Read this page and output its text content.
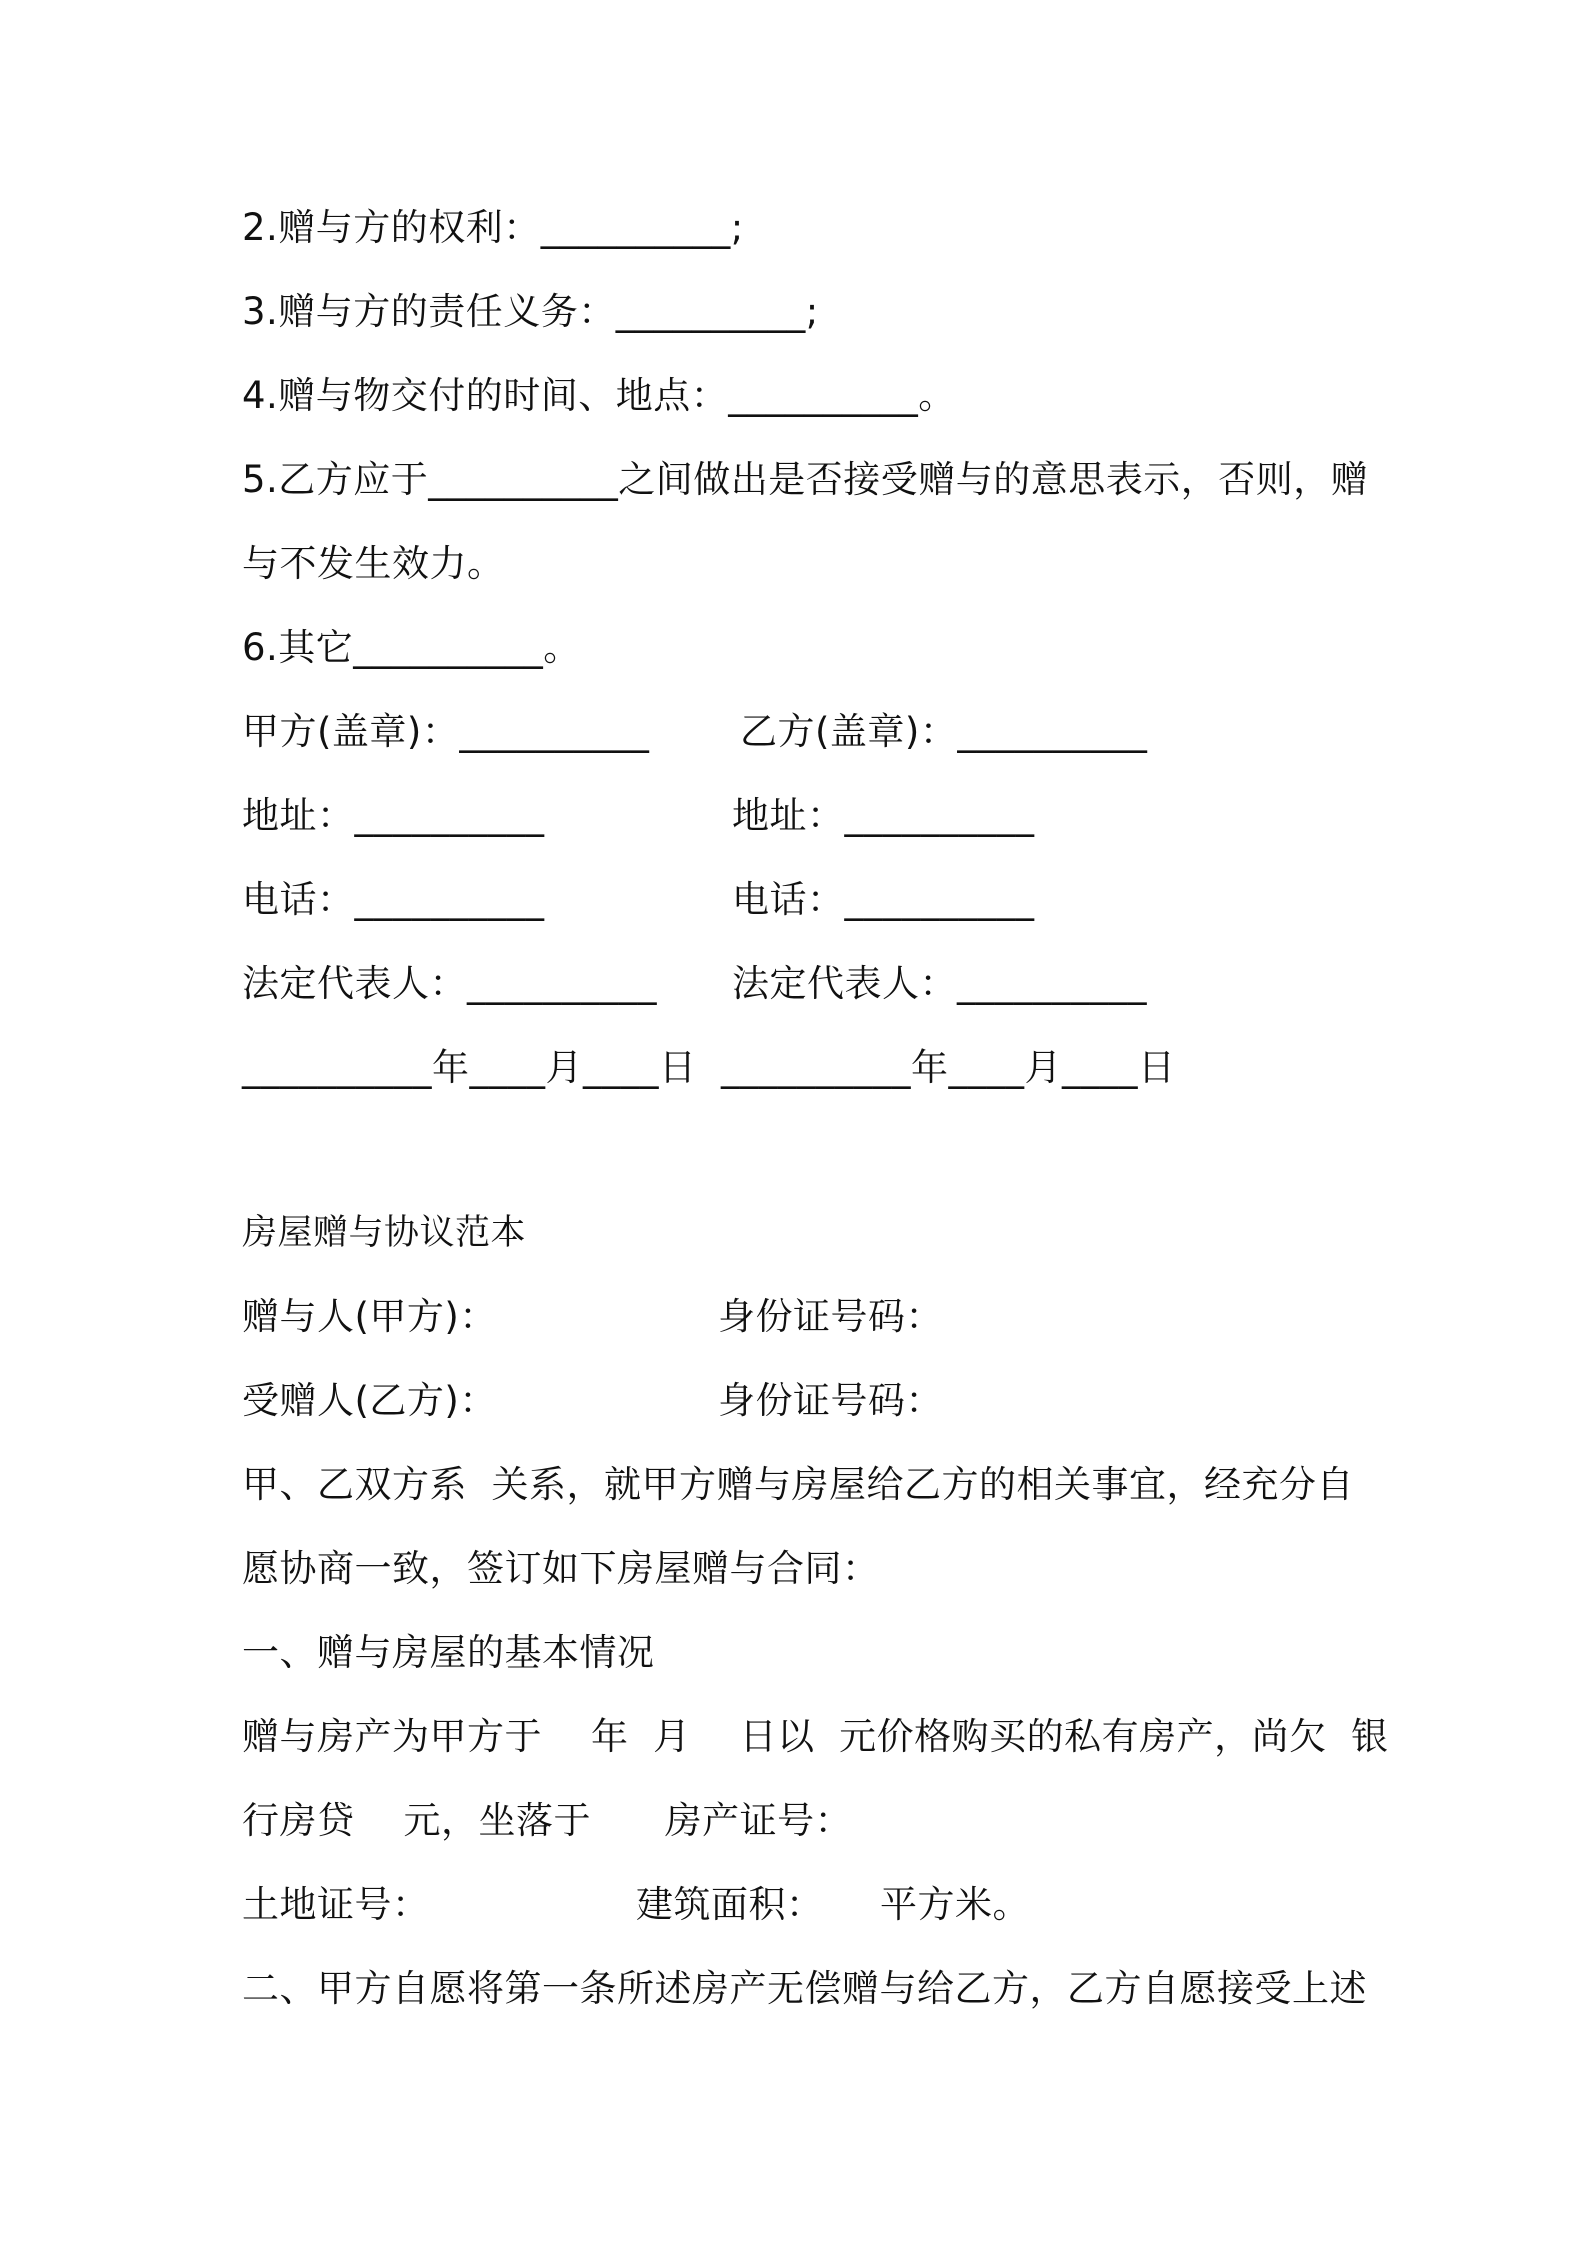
2.赠与方的权利：__________;
3.赠与方的责任义务：__________;
4.赠与物交付的时间、地点：__________。
5.乙方应于__________之间做出是否接受赠与的意思表示，否则，赠
与不发生效力。
6.其它__________。
甲方(盖章)：__________ 乙方(盖章)：__________
地址：__________	地址：__________
电话：__________	电话：__________
法定代表人：__________ 法定代表人：__________
__________年____月____日  __________年____月____日
房屋赠与协议范本
赠与人(甲方)：	身份证号码：
受赠人(乙方)：	身份证号码：
甲、乙双方系  关系，就甲方赠与房屋给乙方的相关事宜，经充分自
愿协商一致，签订如下房屋赠与合同：
一、赠与房屋的基本情况
赠与房产为甲方于    年  月    日以  元价格购买的私有房产，尚欠  银
行房贷    元，坐落于      房产证号：
土地证号：	建筑面积： 平方米。
二、甲方自愿将第一条所述房产无偿赠与给乙方，乙方自愿接受上述
